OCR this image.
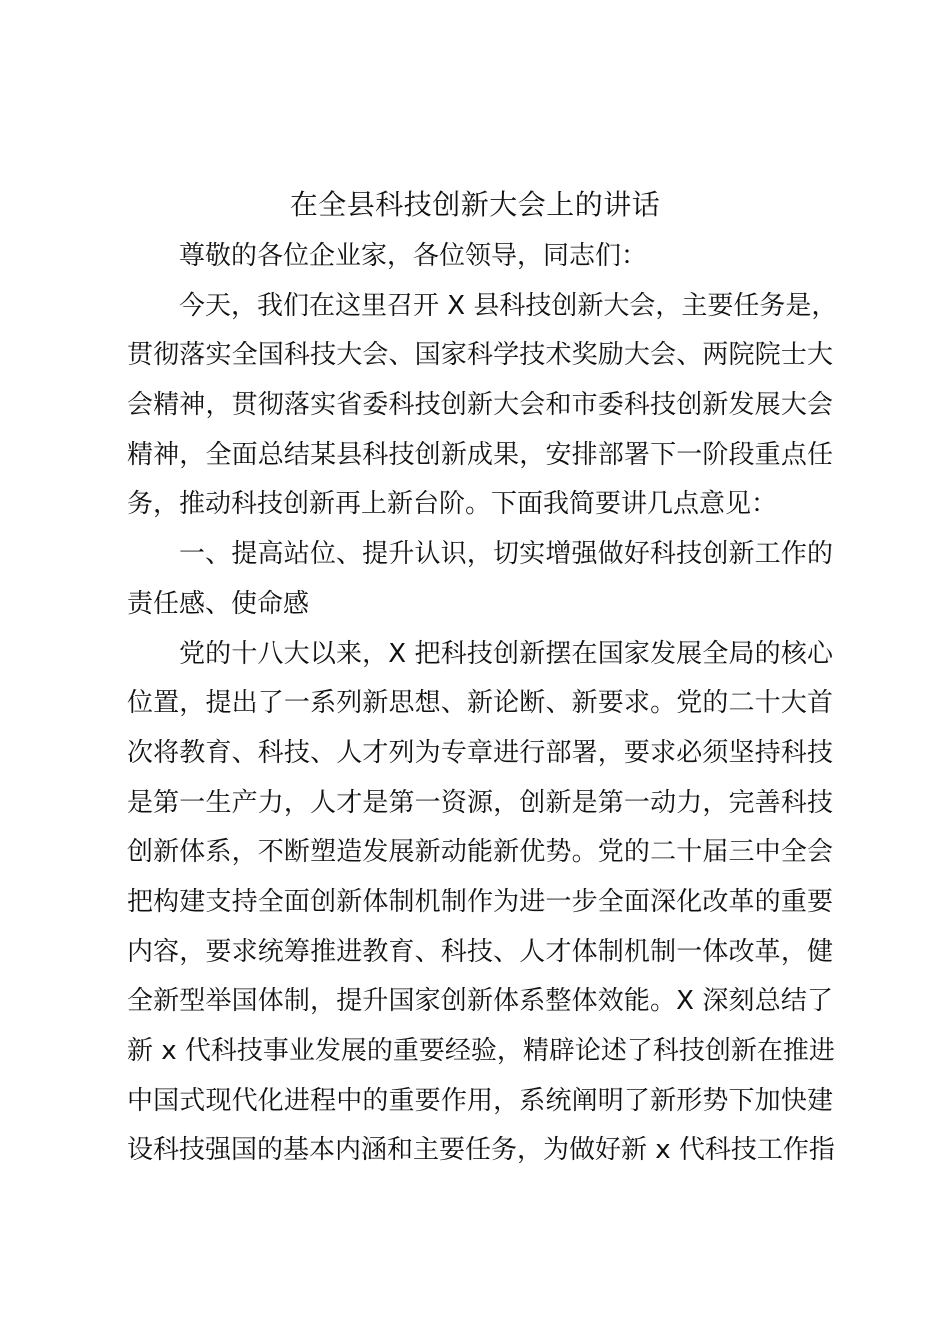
在全县科技创新大会上的讲话
尊敬的各位企业家，各位领导，同志们：
今天，我们在这里召开 X 县科技创新大会，主要任务是，
贯彻落实全国科技大会、国家科学技术奖励大会、两院院士大
会精神，贯彻落实省委科技创新大会和市委科技创新发展大会
精神，全面总结某县科技创新成果，安排部署下一阶段重点任
务，推动科技创新再上新台阶。下面我简要讲几点意见：
一、提高站位、提升认识，切实增强做好科技创新工作的
责任感、使命感
党的十八大以来，X 把科技创新摆在国家发展全局的核心
位置，提出了一系列新思想、新论断、新要求。党的二十大首
次将教育、科技、人才列为专章进行部署，要求必须坚持科技
是第一生产力，人才是第一资源，创新是第一动力，完善科技
创新体系，不断塑造发展新动能新优势。党的二十届三中全会
把构建支持全面创新体制机制作为进一步全面深化改革的重要
内容，要求统筹推进教育、科技、人才体制机制一体改革，健
全新型举国体制，提升国家创新体系整体效能。X 深刻总结了
新 x 代科技事业发展的重要经验，精辟论述了科技创新在推进
中国式现代化进程中的重要作用，系统阐明了新形势下加快建
设科技强国的基本内涵和主要任务，为做好新 x 代科技工作指
